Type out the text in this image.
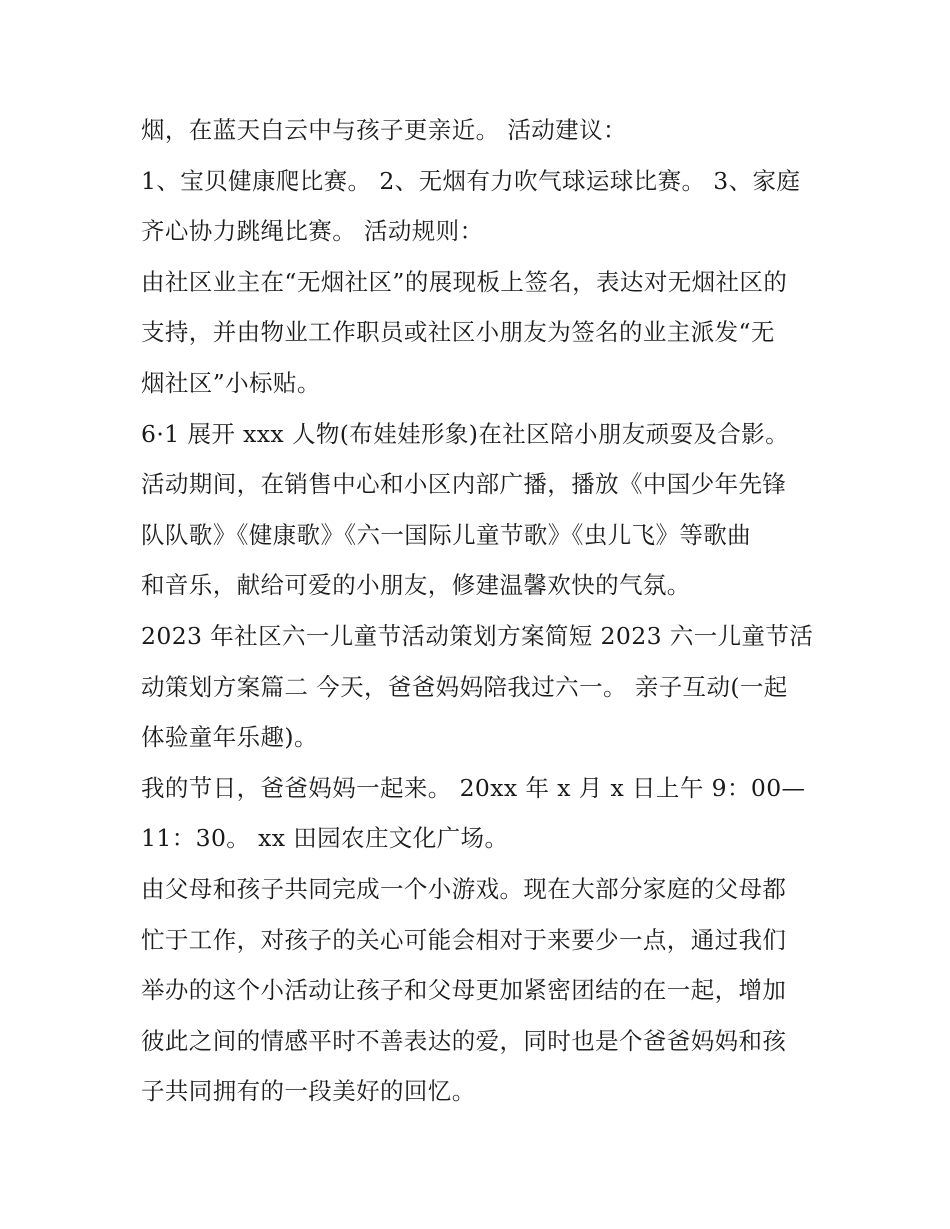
烟，在蓝天白云中与孩子更亲近。 活动建议：
1、宝贝健康爬比赛。 2、无烟有力吹气球运球比赛。 3、家庭
齐心协力跳绳比赛。 活动规则：
由社区业主在“无烟社区”的展现板上签名，表达对无烟社区的
支持，并由物业工作职员或社区小朋友为签名的业主派发“无
烟社区”小标贴。
6·1 展开 xxx 人物(布娃娃形象)在社区陪小朋友顽耍及合影。
活动期间，在销售中心和小区内部广播，播放《中国少年先锋
队队歌》《健康歌》《六一国际儿童节歌》《虫儿飞》等歌曲
和音乐，献给可爱的小朋友，修建温馨欢快的气氛。
2023 年社区六一儿童节活动策划方案简短 2023 六一儿童节活
动策划方案篇二 今天，爸爸妈妈陪我过六一。 亲子互动(一起
体验童年乐趣)。
我的节日，爸爸妈妈一起来。 20xx 年 x 月 x 日上午 9：00—
11：30。 xx 田园农庄文化广场。
由父母和孩子共同完成一个小游戏。现在大部分家庭的父母都
忙于工作，对孩子的关心可能会相对于来要少一点，通过我们
举办的这个小活动让孩子和父母更加紧密团结的在一起，增加
彼此之间的情感平时不善表达的爱，同时也是个爸爸妈妈和孩
子共同拥有的一段美好的回忆。
